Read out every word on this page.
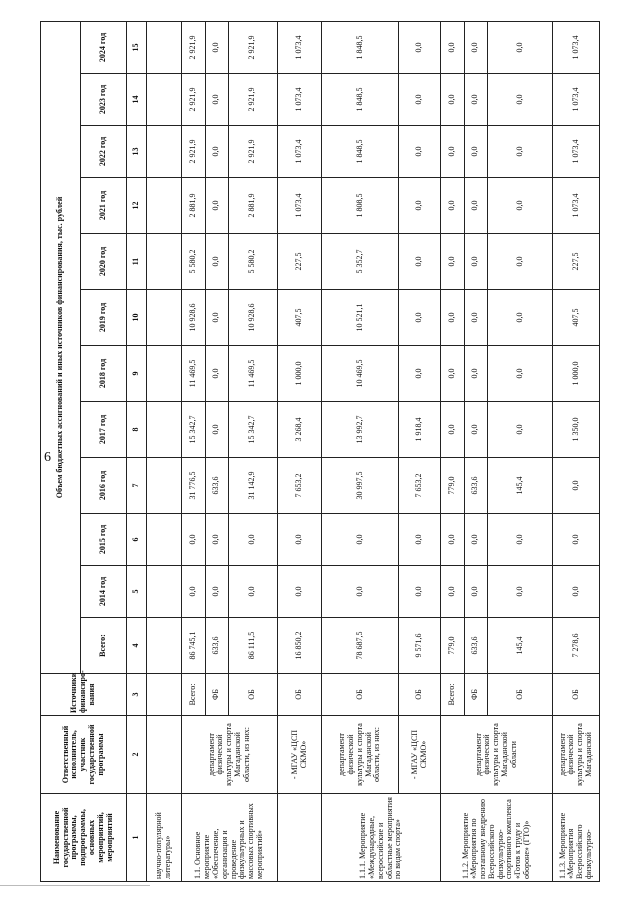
6
Наименование государственной программы, подпрограммы, основных мероприятий, мероприятий	Ответственный исполнитель, участник государственной программы	Источники финансиро-вания	Объем бюджетных ассигнований и иных источников финансирования, тыс. рублей											
			Всего:	2014 год	2015 год	2016 год	2017 год	2018 год	2019 год	2020 год	2021 год	2022 год	2023 год	2024 год
1	2	3	4	5	6	7	8	9	10	11	12	13	14	15
научно-популярной литературы»														
1.1. Основное мероприятие «Обеспечение, организация и проведение физкультурных и массовых спортивных мероприятий»	департамент физической культуры и спорта Магаданской области, из них:	Всего:	86 745,1	0,0	0,0	31 776,5	15 342,7	11 469,5	10 928,6	5 580,2	2 881,9	2 921,9	2 921,9	2 921,9
		ФБ	633,6	0,0	0,0	633,6	0,0	0,0	0,0	0,0	0,0	0,0	0,0	0,0
		ОБ	86 111,5	0,0	0,0	31 142,9	15 342,7	11 469,5	10 928,6	5 580,2	2 881,9	2 921,9	2 921,9	2 921,9
	- МГАУ «ЦСП СКМО»	ОБ	16 850,2	0,0	0,0	7 653,2	3 268,4	1 000,0	407,5	227,5	1 073,4	1 073,4	1 073,4	1 073,4
1.1.1. Мероприятие «Международные, всероссийские и областные мероприятия по видам спорта»	департамент физической культуры и спорта Магаданской области, из них:	ОБ	78 687,5	0,0	0,0	30 997,5	13 992,7	10 469,5	10 521,1	5 352,7	1 808,5	1 848,5	1 848,5	1 848,5
	- МГАУ «ЦСП СКМО»	ОБ	9 571,6	0,0	0,0	7 653,2	1 918,4	0,0	0,0	0,0	0,0	0,0	0,0	0,0
1.1.2. Мероприятие «Мероприятия по поэтапному внедрению Всероссийского физкультурно-спортивного комплекса «Готов к труду и обороне» (ГТО)»	департамент физической культуры и спорта Магаданской области	Всего:	779,0	0,0	0,0	779,0	0,0	0,0	0,0	0,0	0,0	0,0	0,0	0,0
		ФБ	633,6	0,0	0,0	633,6	0,0	0,0	0,0	0,0	0,0	0,0	0,0	0,0
		ОБ	145,4	0,0	0,0	145,4	0,0	0,0	0,0	0,0	0,0	0,0	0,0	0,0
1.1.3. Мероприятие «Мероприятия Всероссийского физкультурно-	департамент физической культуры и спорта Магаданской	ОБ	7 278,6	0,0	0,0	0,0	1 350,0	1 000,0	407,5	227,5	1 073,4	1 073,4	1 073,4	1 073,4
